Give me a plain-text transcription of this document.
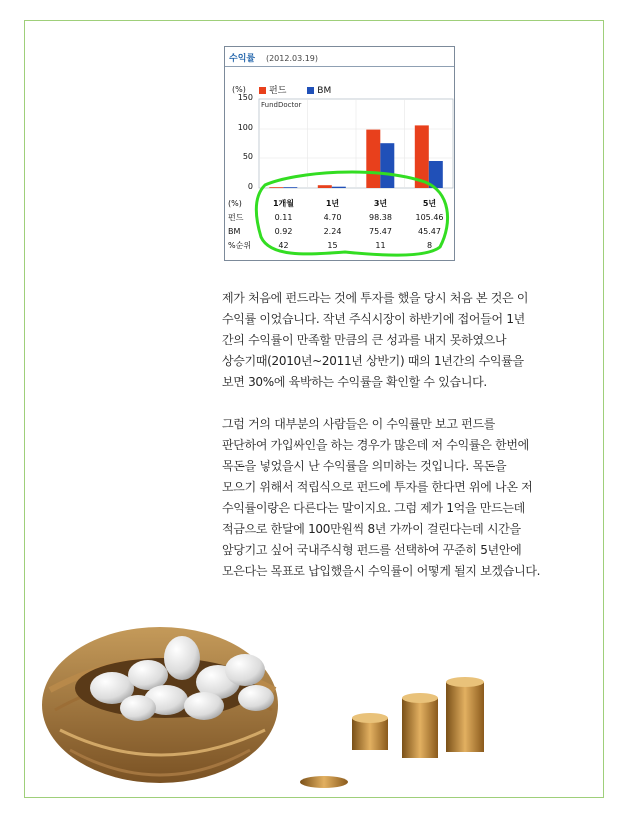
수익률 (2012.03.19)
(%)	펀드	BM
150
100
50
0
FundDoctor
(%)	1개월	1년	3년	5년
펀드	0.11	4.70	98.38	105.46
BM	0.92	2.24	75.47	45.47
%순위	42	15	11	8

제가 처음에 펀드라는 것에 투자를 했을 당시 처음 본 것은 이
수익률 이었습니다. 작년 주식시장이 하반기에 접어들어 1년
간의 수익률이 만족할 만큼의 큰 성과를 내지 못하였으나
상승기때(2010년~2011년 상반기) 때의 1년간의 수익률을
보면 30%에 육박하는 수익률을 확인할 수 있습니다.

그럼 거의 대부분의 사람들은 이 수익률만 보고 펀드를
판단하여 가입싸인을 하는 경우가 많은데 저 수익률은 한번에
목돈을 넣었을시 난 수익률을 의미하는 것입니다. 목돈을
모으기 위해서 적립식으로 펀드에 투자를 한다면 위에 나온 저
수익률이랑은 다른다는 말이지요. 그럼 제가 1억을 만드는데
적금으로 한달에 100만원씩 8년 가까이 걸린다는데 시간을
앞당기고 싶어 국내주식형 펀드를 선택하여 꾸준히 5년안에
모은다는 목표로 납입했을시 수익률이 어떻게 될지 보겠습니다.
